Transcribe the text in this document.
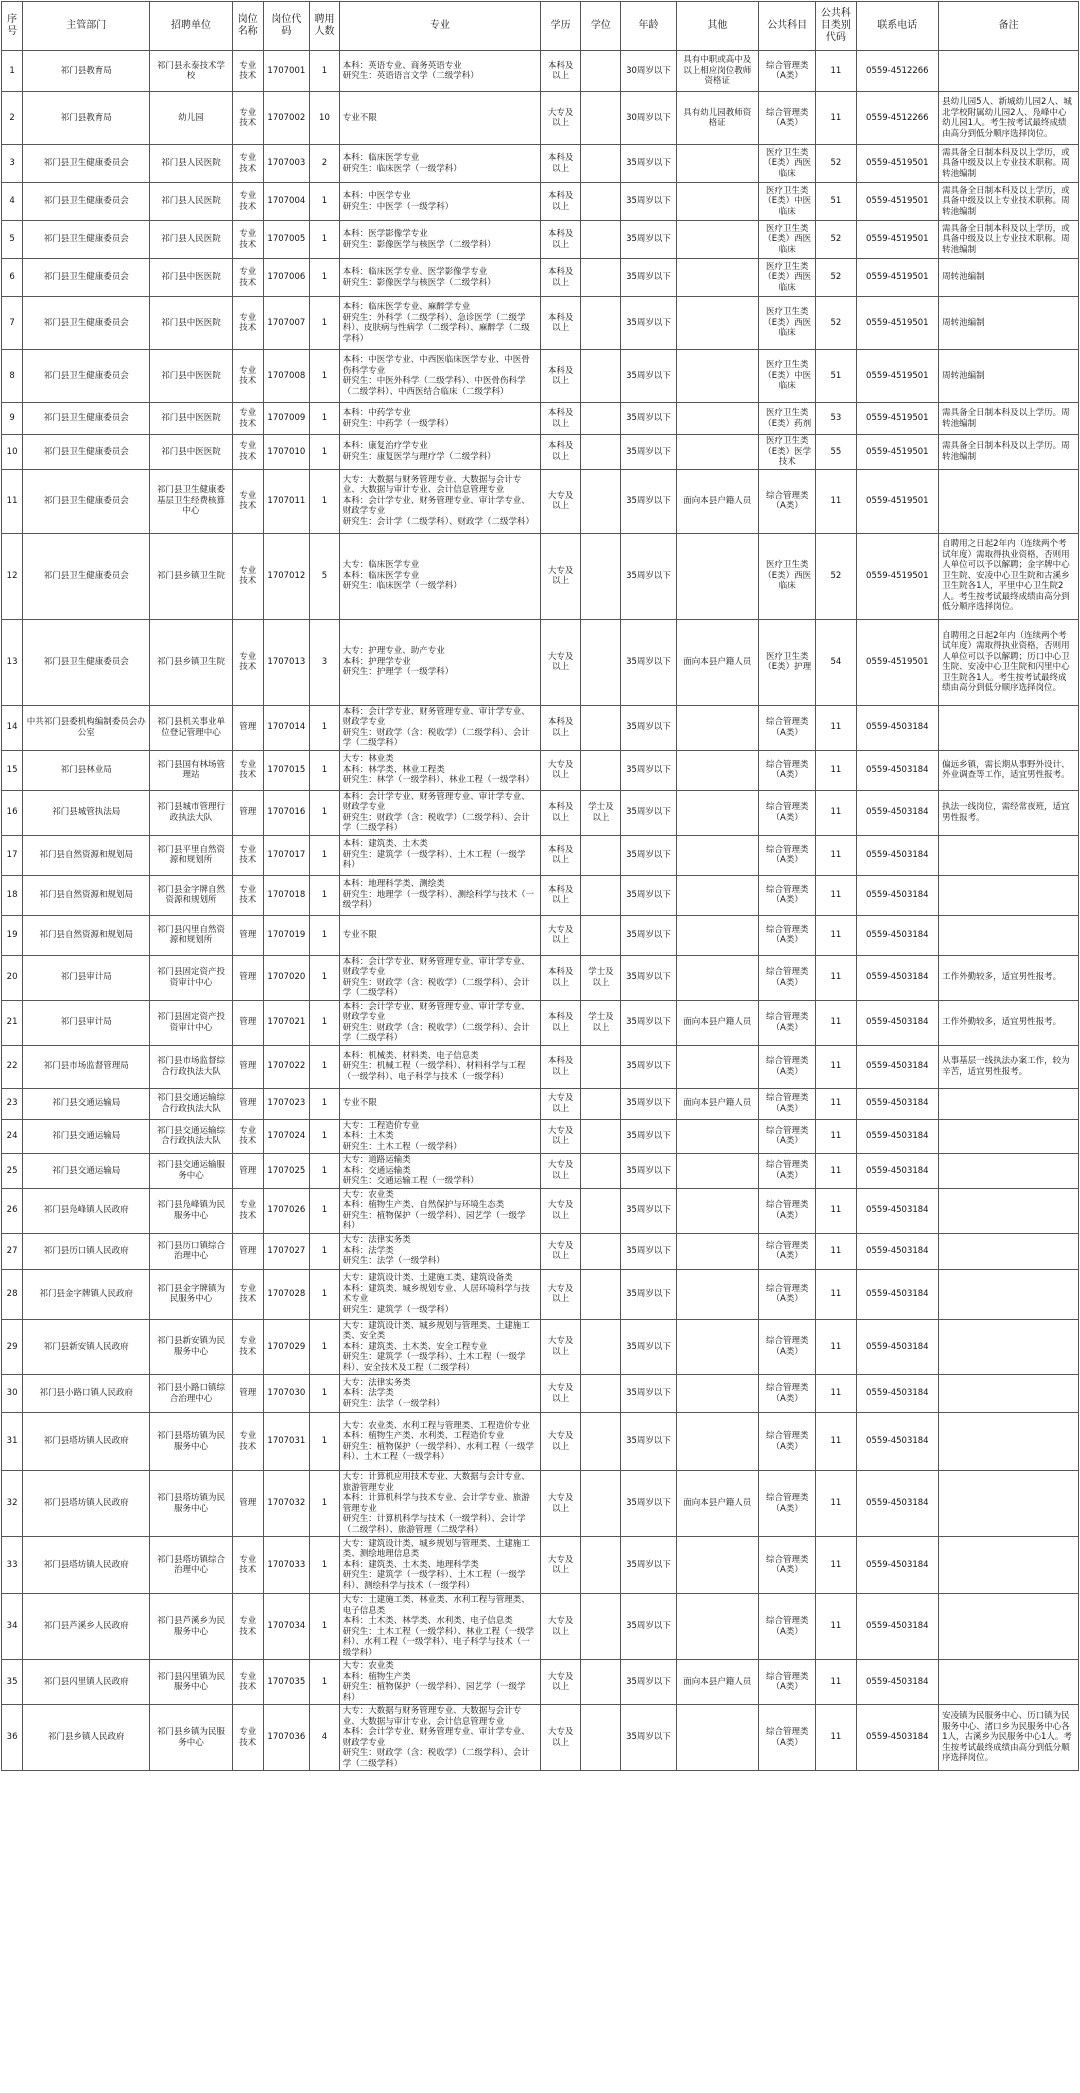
序号	主管部门	招聘单位	岗位名称	岗位代码	聘用人数	专业	学历	学位	年龄	其他	公共科目	公共科目类别代码	联系电话	备注
1	祁门县教育局	祁门县永泰技术学校	专业技术	1707001	1	本科：英语专业、商务英语专业
研究生：英语语言文学（二级学科）	本科及以上		30周岁以下	具有中职或高中及以上相应岗位教师资格证	综合管理类（A类）	11	0559-4512266	
2	祁门县教育局	幼儿园	专业技术	1707002	10	专业不限	大专及以上		30周岁以下	具有幼儿园教师资格证	综合管理类（A类）	11	0559-4512266	县幼儿园5人、新城幼儿园2人、城北学校附属幼儿园2人、凫峰中心幼儿园1人。考生按考试最终成绩由高分到低分顺序选择岗位。
3	祁门县卫生健康委员会	祁门县人民医院	专业技术	1707003	2	本科：临床医学专业
研究生：临床医学（一级学科）	本科及以上		35周岁以下		医疗卫生类（E类）西医临床	52	0559-4519501	需具备全日制本科及以上学历，或具备中级及以上专业技术职称。周转池编制
4	祁门县卫生健康委员会	祁门县人民医院	专业技术	1707004	1	本科：中医学专业
研究生：中医学（一级学科）	本科及以上		35周岁以下		医疗卫生类（E类）中医临床	51	0559-4519501	需具备全日制本科及以上学历，或具备中级及以上专业技术职称。周转池编制
5	祁门县卫生健康委员会	祁门县人民医院	专业技术	1707005	1	本科：医学影像学专业
研究生：影像医学与核医学（二级学科）	本科及以上		35周岁以下		医疗卫生类（E类）西医临床	52	0559-4519501	需具备全日制本科及以上学历，或具备中级及以上专业技术职称。周转池编制
6	祁门县卫生健康委员会	祁门县中医医院	专业技术	1707006	1	本科：临床医学专业、医学影像学专业
研究生：影像医学与核医学（二级学科）	本科及以上		35周岁以下		医疗卫生类（E类）西医临床	52	0559-4519501	周转池编制
7	祁门县卫生健康委员会	祁门县中医医院	专业技术	1707007	1	本科：临床医学专业、麻醉学专业
研究生：外科学（二级学科）、急诊医学（二级学科）、皮肤病与性病学（二级学科）、麻醉学（二级学科）	本科及以上		35周岁以下		医疗卫生类（E类）西医临床	52	0559-4519501	周转池编制
8	祁门县卫生健康委员会	祁门县中医医院	专业技术	1707008	1	本科：中医学专业、中西医临床医学专业、中医骨伤科学专业
研究生：中医外科学（二级学科）、中医骨伤科学（二级学科）、中西医结合临床（二级学科）	本科及以上		35周岁以下		医疗卫生类（E类）中医临床	51	0559-4519501	周转池编制
9	祁门县卫生健康委员会	祁门县中医医院	专业技术	1707009	1	本科：中药学专业
研究生：中药学（一级学科）	本科及以上		35周岁以下		医疗卫生类（E类）药剂	53	0559-4519501	需具备全日制本科及以上学历。周转池编制
10	祁门县卫生健康委员会	祁门县中医医院	专业技术	1707010	1	本科：康复治疗学专业
研究生：康复医学与理疗学（二级学科）	本科及以上		35周岁以下		医疗卫生类（E类）医学技术	55	0559-4519501	需具备全日制本科及以上学历。周转池编制
11	祁门县卫生健康委员会	祁门县卫生健康委基层卫生经费核算中心	专业技术	1707011	1	大专：大数据与财务管理专业、大数据与会计专业、大数据与审计专业、会计信息管理专业
本科：会计学专业、财务管理专业、审计学专业、财政学专业
研究生：会计学（二级学科）、财政学（二级学科）	大专及以上		35周岁以下	面向本县户籍人员	综合管理类（A类）	11	0559-4519501	
12	祁门县卫生健康委员会	祁门县乡镇卫生院	专业技术	1707012	5	大专：临床医学专业
本科：临床医学专业
研究生：临床医学（一级学科）	大专及以上		35周岁以下		医疗卫生类（E类）西医临床	52	0559-4519501	自聘用之日起2年内（连续两个考试年度）需取得执业资格，否则用人单位可以予以解聘；金字牌中心卫生院、安凌中心卫生院和古溪乡卫生院各1人，平里中心卫生院2人。考生按考试最终成绩由高分到低分顺序选择岗位。
13	祁门县卫生健康委员会	祁门县乡镇卫生院	专业技术	1707013	3	大专：护理专业、助产专业
本科：护理学专业
研究生：护理学（一级学科）	大专及以上		35周岁以下	面向本县户籍人员	医疗卫生类（E类）护理	54	0559-4519501	自聘用之日起2年内（连续两个考试年度）需取得执业资格，否则用人单位可以予以解聘；历口中心卫生院、安凌中心卫生院和闪里中心卫生院各1人。考生按考试最终成绩由高分到低分顺序选择岗位。
14	中共祁门县委机构编制委员会办公室	祁门县机关事业单位登记管理中心	管理	1707014	1	本科：会计学专业、财务管理专业、审计学专业、财政学专业
研究生：财政学（含：税收学）（二级学科）、会计学（二级学科）	本科及以上		35周岁以下		综合管理类（A类）	11	0559-4503184	
15	祁门县林业局	祁门县国有林场管理站	专业技术	1707015	1	大专：林业类
本科：林学类、林业工程类
研究生：林学（一级学科）、林业工程（一级学科）	大专及以上		35周岁以下		综合管理类（A类）	11	0559-4503184	偏远乡镇，需长期从事野外设计、外业调查等工作，适宜男性报考。
16	祁门县城管执法局	祁门县城市管理行政执法大队	管理	1707016	1	本科：会计学专业、财务管理专业、审计学专业、财政学专业
研究生：财政学（含：税收学）（二级学科）、会计学（二级学科）	本科及以上	学士及以上	35周岁以下		综合管理类（A类）	11	0559-4503184	执法一线岗位，需经常夜班，适宜男性报考。
17	祁门县自然资源和规划局	祁门县平里自然资源和规划所	专业技术	1707017	1	本科：建筑类、土木类
研究生：建筑学（一级学科）、土木工程（一级学科）	本科及以上		35周岁以下		综合管理类（A类）	11	0559-4503184	
18	祁门县自然资源和规划局	祁门县金字牌自然资源和规划所	专业技术	1707018	1	本科：地理科学类、测绘类
研究生：地理学（一级学科）、测绘科学与技术（一级学科）	本科及以上		35周岁以下		综合管理类（A类）	11	0559-4503184	
19	祁门县自然资源和规划局	祁门县闪里自然资源和规划所	管理	1707019	1	专业不限	大专及以上		35周岁以下		综合管理类（A类）	11	0559-4503184	
20	祁门县审计局	祁门县固定资产投资审计中心	管理	1707020	1	本科：会计学专业、财务管理专业、审计学专业、财政学专业
研究生：财政学（含：税收学）（二级学科）、会计学（二级学科）	本科及以上	学士及以上	35周岁以下		综合管理类（A类）	11	0559-4503184	工作外勤较多，适宜男性报考。
21	祁门县审计局	祁门县固定资产投资审计中心	管理	1707021	1	本科：会计学专业、财务管理专业、审计学专业、财政学专业
研究生：财政学（含：税收学）（二级学科）、会计学（二级学科）	本科及以上	学士及以上	35周岁以下	面向本县户籍人员	综合管理类（A类）	11	0559-4503184	工作外勤较多，适宜男性报考。
22	祁门县市场监督管理局	祁门县市场监督综合行政执法大队	管理	1707022	1	本科：机械类、材料类、电子信息类
研究生：机械工程（一级学科）、材料科学与工程（一级学科）、电子科学与技术（一级学科）	本科及以上		35周岁以下		综合管理类（A类）	11	0559-4503184	从事基层一线执法办案工作，较为辛苦，适宜男性报考。
23	祁门县交通运输局	祁门县交通运输综合行政执法大队	管理	1707023	1	专业不限	大专及以上		35周岁以下	面向本县户籍人员	综合管理类（A类）	11	0559-4503184	
24	祁门县交通运输局	祁门县交通运输综合行政执法大队	专业技术	1707024	1	大专：工程造价专业
本科：土木类
研究生：土木工程（一级学科）	大专及以上		35周岁以下		综合管理类（A类）	11	0559-4503184	
25	祁门县交通运输局	祁门县交通运输服务中心	管理	1707025	1	大专：道路运输类
本科：交通运输类
研究生：交通运输工程（一级学科）	大专及以上		35周岁以下		综合管理类（A类）	11	0559-4503184	
26	祁门县凫峰镇人民政府	祁门县凫峰镇为民服务中心	专业技术	1707026	1	大专：农业类
本科：植物生产类、自然保护与环境生态类
研究生：植物保护（一级学科）、园艺学（一级学科）	大专及以上		35周岁以下		综合管理类（A类）	11	0559-4503184	
27	祁门县历口镇人民政府	祁门县历口镇综合治理中心	管理	1707027	1	大专：法律实务类
本科：法学类
研究生：法学（一级学科）	大专及以上		35周岁以下		综合管理类（A类）	11	0559-4503184	
28	祁门县金字牌镇人民政府	祁门县金字牌镇为民服务中心	专业技术	1707028	1	大专：建筑设计类、土建施工类、建筑设备类
本科：建筑类、城乡规划专业、人居环境科学与技术专业
研究生：建筑学（一级学科）	大专及以上		35周岁以下		综合管理类（A类）	11	0559-4503184	
29	祁门县新安镇人民政府	祁门县新安镇为民服务中心	专业技术	1707029	1	大专：建筑设计类、城乡规划与管理类、土建施工类、安全类
本科：建筑类、土木类、安全工程专业
研究生：建筑学（一级学科）、土木工程（一级学科）、安全技术及工程（二级学科）	大专及以上		35周岁以下		综合管理类（A类）	11	0559-4503184	
30	祁门县小路口镇人民政府	祁门县小路口镇综合治理中心	管理	1707030	1	大专：法律实务类
本科：法学类
研究生：法学（一级学科）	大专及以上		35周岁以下		综合管理类（A类）	11	0559-4503184	
31	祁门县塔坊镇人民政府	祁门县塔坊镇为民服务中心	专业技术	1707031	1	大专：农业类、水利工程与管理类、工程造价专业
本科：植物生产类、水利类、工程造价专业
研究生：植物保护（一级学科）、水利工程（一级学科）、土木工程（一级学科）	大专及以上		35周岁以下		综合管理类（A类）	11	0559-4503184	
32	祁门县塔坊镇人民政府	祁门县塔坊镇为民服务中心	管理	1707032	1	大专：计算机应用技术专业、大数据与会计专业、旅游管理专业
本科：计算机科学与技术专业、会计学专业、旅游管理专业
研究生：计算机科学与技术（一级学科）、会计学（二级学科）、旅游管理（二级学科）	大专及以上		35周岁以下	面向本县户籍人员	综合管理类（A类）	11	0559-4503184	
33	祁门县塔坊镇人民政府	祁门县塔坊镇综合治理中心	专业技术	1707033	1	大专：建筑设计类、城乡规划与管理类、土建施工类、测绘地理信息类
本科：建筑类、土木类、地理科学类
研究生：建筑学（一级学科）、土木工程（一级学科）、测绘科学与技术（一级学科）	大专及以上		35周岁以下		综合管理类（A类）	11	0559-4503184	
34	祁门县芦溪乡人民政府	祁门县芦溪乡为民服务中心	专业技术	1707034	1	大专：土建施工类、林业类、水利工程与管理类、电子信息类
本科：土木类、林学类、水利类、电子信息类
研究生：土木工程（一级学科）、林业工程（一级学科）、水利工程（一级学科）、电子科学与技术（一级学科）	大专及以上		35周岁以下		综合管理类（A类）	11	0559-4503184	
35	祁门县闪里镇人民政府	祁门县闪里镇为民服务中心	专业技术	1707035	1	大专：农业类
本科：植物生产类
研究生：植物保护（一级学科）、园艺学（一级学科）	大专及以上		35周岁以下	面向本县户籍人员	综合管理类（A类）	11	0559-4503184	
36	祁门县乡镇人民政府	祁门县乡镇为民服务中心	专业技术	1707036	4	大专：大数据与财务管理专业、大数据与会计专业、大数据与审计专业、会计信息管理专业
本科：会计学专业、财务管理专业、审计学专业、财政学专业
研究生：财政学（含：税收学）（二级学科）、会计学（二级学科）	大专及以上		35周岁以下		综合管理类（A类）	11	0559-4503184	安凌镇为民服务中心、历口镇为民服务中心、渚口乡为民服务中心各1人，古溪乡为民服务中心1人。考生按考试最终成绩由高分到低分顺序选择岗位。
